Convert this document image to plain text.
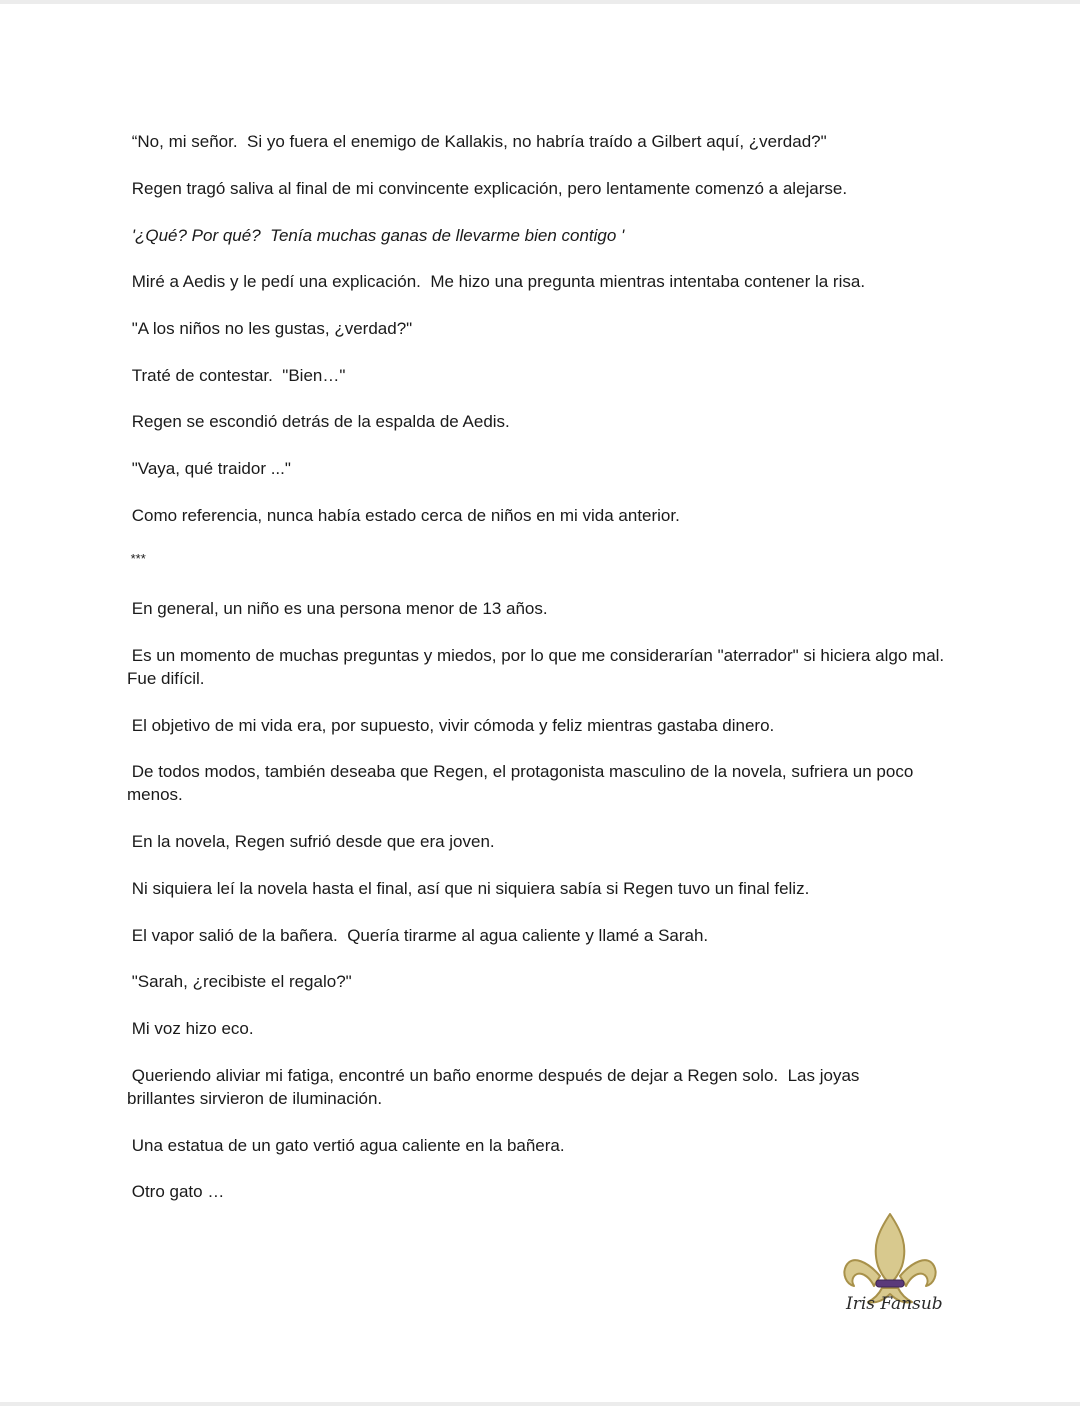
“No, mi señor.  Si yo fuera el enemigo de Kallakis, no habría traído a Gilbert aquí, ¿verdad?"

Regen tragó saliva al final de mi convincente explicación, pero lentamente comenzó a alejarse.

'¿Qué? Por qué?  Tenía muchas ganas de llevarme bien contigo '

Miré a Aedis y le pedí una explicación.  Me hizo una pregunta mientras intentaba contener la risa.

"A los niños no les gustas, ¿verdad?"

Traté de contestar.  "Bien…"

Regen se escondió detrás de la espalda de Aedis.

"Vaya, qué traidor ..."

Como referencia, nunca había estado cerca de niños en mi vida anterior.

***

En general, un niño es una persona menor de 13 años.

Es un momento de muchas preguntas y miedos, por lo que me considerarían "aterrador" si hiciera algo mal.  Fue difícil.

El objetivo de mi vida era, por supuesto, vivir cómoda y feliz mientras gastaba dinero.

De todos modos, también deseaba que Regen, el protagonista masculino de la novela, sufriera un poco menos.

En la novela, Regen sufrió desde que era joven.

Ni siquiera leí la novela hasta el final, así que ni siquiera sabía si Regen tuvo un final feliz.

El vapor salió de la bañera.  Quería tirarme al agua caliente y llamé a Sarah.

"Sarah, ¿recibiste el regalo?"

Mi voz hizo eco.

Queriendo aliviar mi fatiga, encontré un baño enorme después de dejar a Regen solo.  Las joyas brillantes sirvieron de iluminación.

Una estatua de un gato vertió agua caliente en la bañera.

Otro gato …

Iris Fansub
